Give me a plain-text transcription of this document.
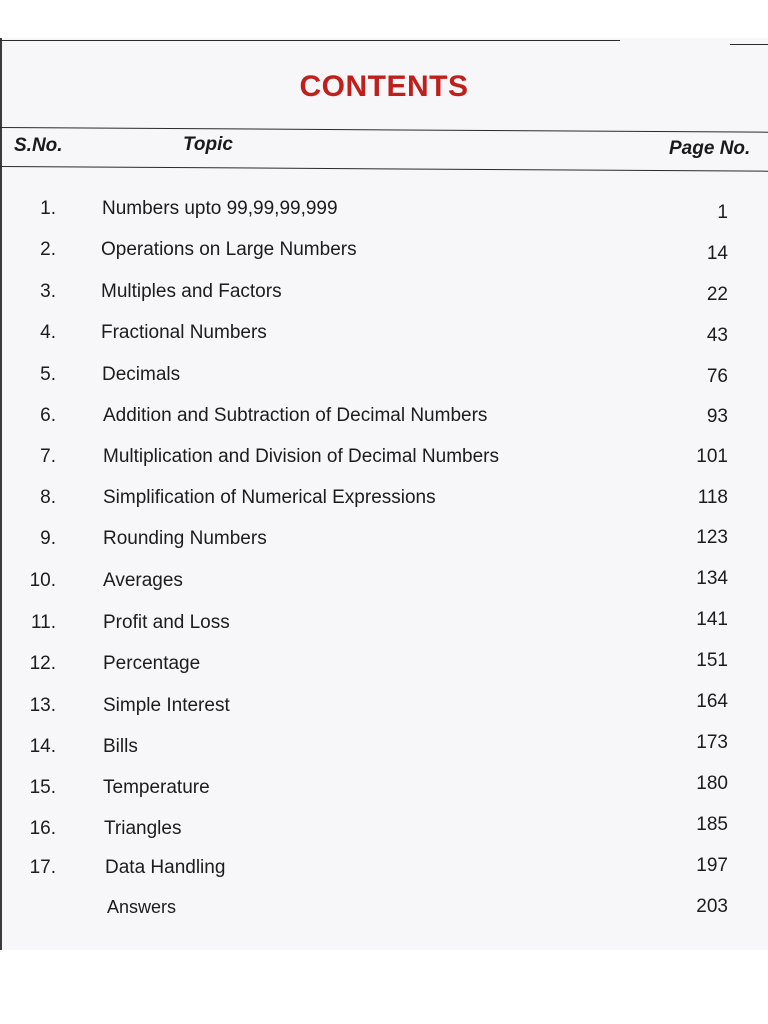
CONTENTS
S.No.	Topic	Page No.
1. Numbers upto 99,99,99,999	1
2. Operations on Large Numbers	14
3. Multiples and Factors	22
4. Fractional Numbers	43
5. Decimals	76
6. Addition and Subtraction of Decimal Numbers	93
7. Multiplication and Division of Decimal Numbers	101
8. Simplification of Numerical Expressions	118
9. Rounding Numbers	123
10. Averages	134
11. Profit and Loss	141
12. Percentage	151
13. Simple Interest	164
14. Bills	173
15. Temperature	180
16.	Triangles	185
17.	Data Handling	197
Answers	203
